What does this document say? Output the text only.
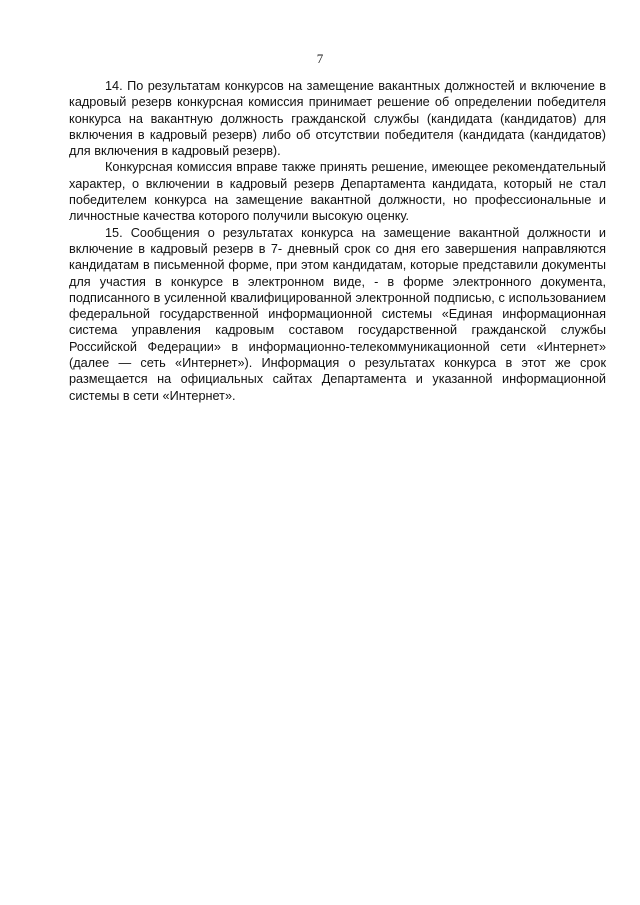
7

14. По результатам конкурсов на замещение вакантных должностей и включение в кадровый резерв конкурсная комиссия принимает решение об определении победителя конкурса на вакантную должность гражданской службы (кандидата (кандидатов) для включения в кадровый резерв) либо об отсутствии победителя (кандидата (кандидатов) для включения в кадровый резерв).

Конкурсная комиссия вправе также принять решение, имеющее рекомендательный характер, о включении в кадровый резерв Департамента кандидата, который не стал победителем конкурса на замещение вакантной должности, но профессиональные и личностные качества которого получили высокую оценку.

15. Сообщения о результатах конкурса на замещение вакантной должности и включение в кадровый резерв в 7- дневный срок со дня его завершения направляются кандидатам в письменной форме, при этом кандидатам, которые представили документы для участия в конкурсе в электронном виде, - в форме электронного документа, подписанного в усиленной квалифицированной электронной подписью, с использованием федеральной государственной информационной системы «Единая информационная система управления кадровым составом государственной гражданской службы Российской Федерации» в информационно-телекоммуникационной сети «Интернет» (далее — сеть «Интернет»). Информация о результатах конкурса в этот же срок размещается на официальных сайтах Департамента и указанной информационной системы в сети «Интернет».
